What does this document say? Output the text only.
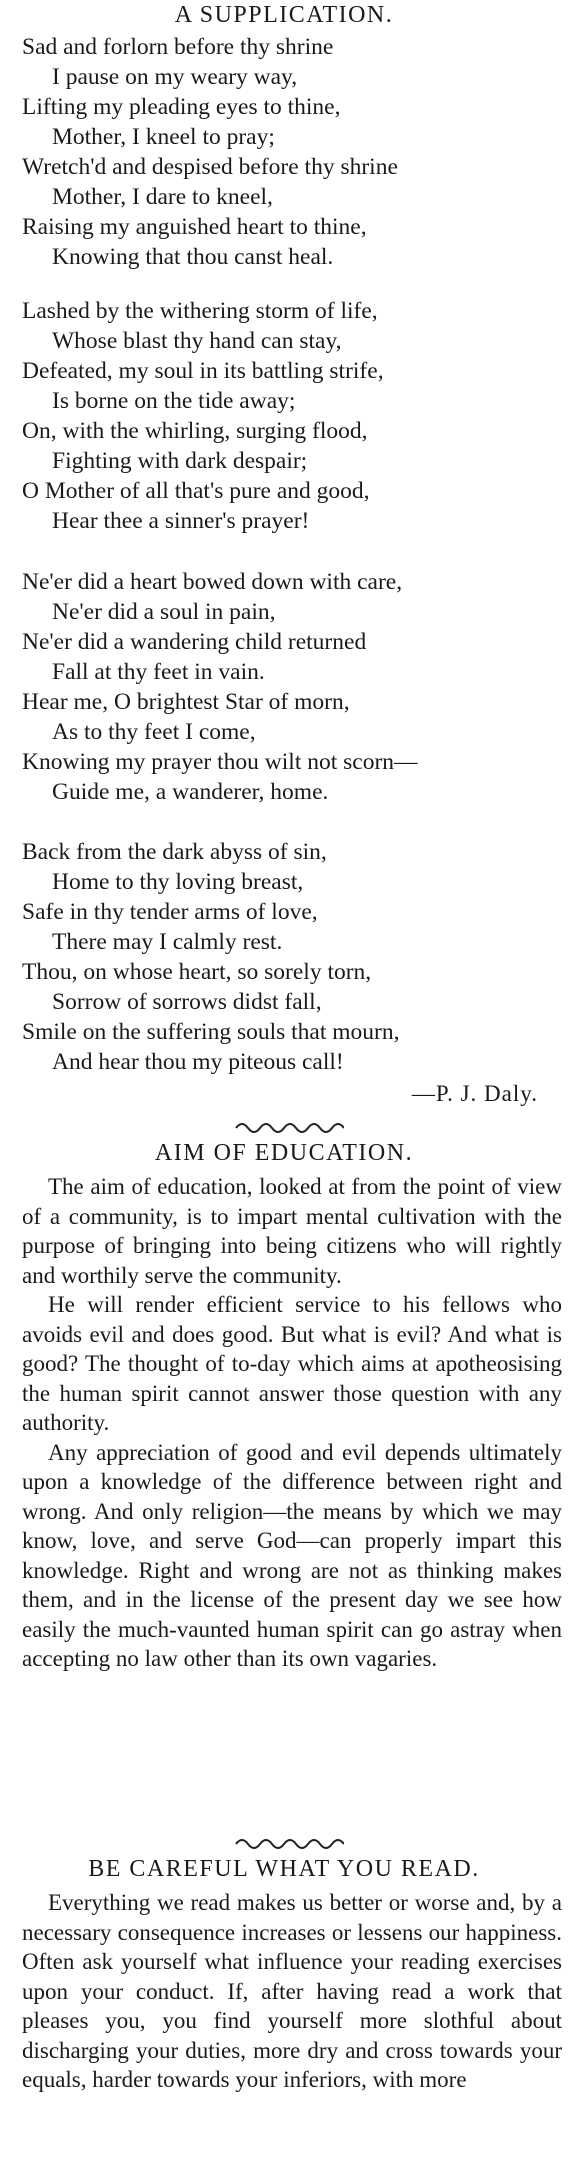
A SUPPLICATION.
Sad and forlorn before thy shrine
I pause on my weary way,
Lifting my pleading eyes to thine,
Mother, I kneel to pray;
Wretch'd and despised before thy shrine
Mother, I dare to kneel,
Raising my anguished heart to thine,
Knowing that thou canst heal.
Lashed by the withering storm of life,
Whose blast thy hand can stay,
Defeated, my soul in its battling strife,
Is borne on the tide away;
On, with the whirling, surging flood,
Fighting with dark despair;
O Mother of all that's pure and good,
Hear thee a sinner's prayer!
Ne'er did a heart bowed down with care,
Ne'er did a soul in pain,
Ne'er did a wandering child returned
Fall at thy feet in vain.
Hear me, O brightest Star of morn,
As to thy feet I come,
Knowing my prayer thou wilt not scorn—
Guide me, a wanderer, home.
Back from the dark abyss of sin,
Home to thy loving breast,
Safe in thy tender arms of love,
There may I calmly rest.
Thou, on whose heart, so sorely torn,
Sorrow of sorrows didst fall,
Smile on the suffering souls that mourn,
And hear thou my piteous call!
—P. J. Daly.
AIM OF EDUCATION.

The aim of education, looked at from the point of view of a community, is to impart mental cultivation with the purpose of bringing into being citizens who will rightly and worthily serve the community.

He will render efficient service to his fellows who avoids evil and does good. But what is evil? And what is good? The thought of to-day which aims at apotheosising the human spirit cannot answer those question with any authority.

Any appreciation of good and evil depends ultimately upon a knowledge of the difference between right and wrong. And only religion—the means by which we may know, love, and serve God—can properly impart this knowledge. Right and wrong are not as thinking makes them, and in the license of the present day we see how easily the much-vaunted human spirit can go astray when accepting no law other than its own vagaries.

BE CAREFUL WHAT YOU READ.

Everything we read makes us better or worse and, by a necessary consequence increases or lessens our happiness. Often ask yourself what influence your reading exercises upon your conduct. If, after having read a work that pleases you, you find yourself more slothful about discharging your duties, more dry and cross towards your equals, harder towards your inferiors, with more
